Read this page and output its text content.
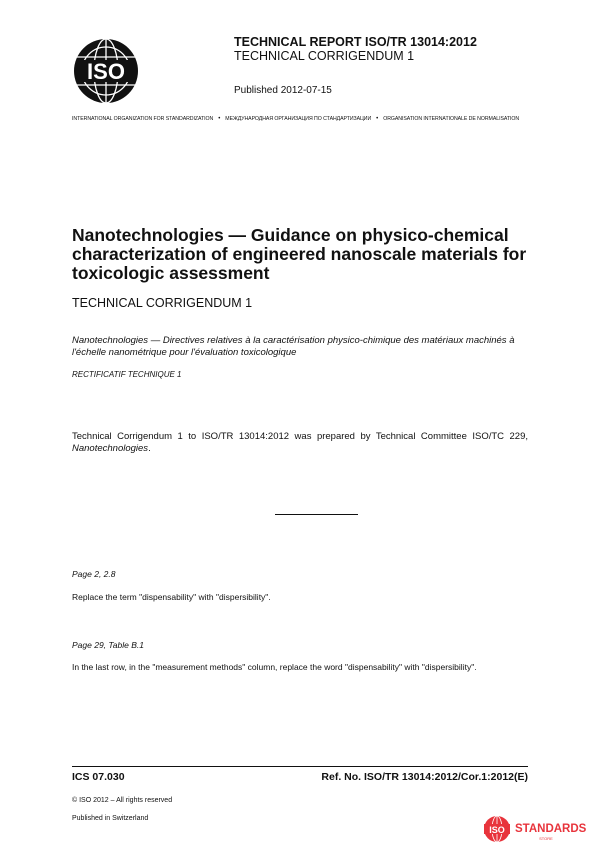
ISO
TECHNICAL REPORT ISO/TR 13014:2012
TECHNICAL CORRIGENDUM 1
Published 2012-07-15
INTERNATIONAL ORGANIZATION FOR STANDARDIZATION • МЕЖДУНАРОДНАЯ ОРГАНИЗАЦИЯ ПО СТАНДАРТИЗАЦИИ • ORGANISATION INTERNATIONALE DE NORMALISATION
Nanotechnologies — Guidance on physico-chemical characterization of engineered nanoscale materials for toxicologic assessment
TECHNICAL CORRIGENDUM 1
Nanotechnologies — Directives relatives à la caractérisation physico-chimique des matériaux machinés à l'échelle nanométrique pour l'évaluation toxicologique
RECTIFICATIF TECHNIQUE 1
Technical Corrigendum 1 to ISO/TR 13014:2012 was prepared by Technical Committee ISO/TC 229, Nanotechnologies.
Page 2, 2.8
Replace the term "dispensability" with "dispersibility".
Page 29, Table B.1
In the last row, in the "measurement methods" column, replace the word "dispensability" with "dispersibility".
ICS 07.030	Ref. No. ISO/TR 13014:2012/Cor.1:2012(E)
© ISO 2012 – All rights reserved
Published in Switzerland
ISO STANDARDS
STORE
